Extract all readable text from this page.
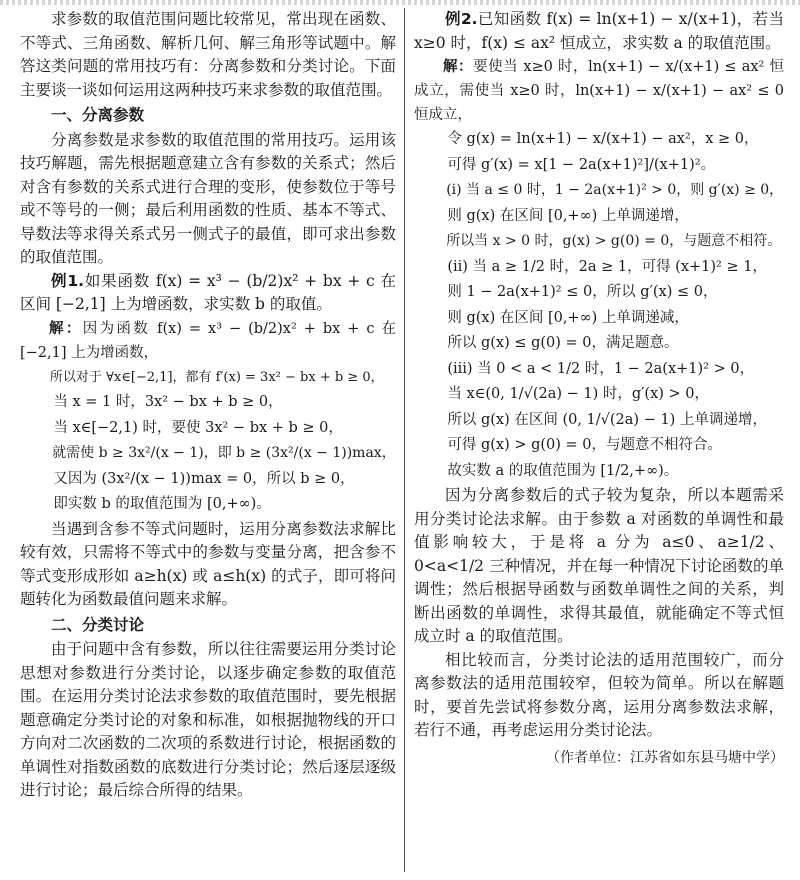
求参数的取值范围问题比较常见，常出现在函数、不等式、三角函数、解析几何、解三角形等试题中。解答这类问题的常用技巧有：分离参数和分类讨论。下面主要谈一谈如何运用这两种技巧来求参数的取值范围。

一、分离参数

分离参数是求参数的取值范围的常用技巧。运用该技巧解题，需先根据题意建立含有参数的关系式；然后对含有参数的关系式进行合理的变形，使参数位于等号或不等号的一侧；最后利用函数的性质、基本不等式、导数法等求得关系式另一侧式子的最值，即可求出参数的取值范围。

例1.如果函数 f(x) = x³ − (b/2)x² + bx + c 在区间 [−2,1] 上为增函数，求实数 b 的取值。

解：因为函数 f(x) = x³ − (b/2)x² + bx + c 在 [−2,1] 上为增函数，

所以对于 ∀x∈[−2,1]，都有 f′(x) = 3x² − bx + b ≥ 0，
当 x = 1 时，3x² − bx + b ≥ 0，
当 x∈[−2,1) 时，要使 3x² − bx + b ≥ 0，
就需使 b ≥ 3x²/(x − 1)，即 b ≥ (3x²/(x − 1))max，
又因为 (3x²/(x − 1))max = 0，所以 b ≥ 0，
即实数 b 的取值范围为 [0,+∞)。

当遇到含参不等式问题时，运用分离参数法求解比较有效，只需将不等式中的参数与变量分离，把含参不等式变形成形如 a≥h(x) 或 a≤h(x) 的式子，即可将问题转化为函数最值问题来求解。

二、分类讨论

由于问题中含有参数，所以往往需要运用分类讨论思想对参数进行分类讨论，以逐步确定参数的取值范围。在运用分类讨论法求参数的取值范围时，要先根据题意确定分类讨论的对象和标准，如根据抛物线的开口方向对二次函数的二次项的系数进行讨论，根据函数的单调性对指数函数的底数进行分类讨论；然后逐层逐级进行讨论；最后综合所得的结果。

例2.已知函数 f(x) = ln(x+1) − x/(x+1)，若当 x≥0 时，f(x) ≤ ax² 恒成立，求实数 a 的取值范围。

解：要使当 x≥0 时，ln(x+1) − x/(x+1) ≤ ax² 恒成立，需使当 x≥0 时，ln(x+1) − x/(x+1) − ax² ≤ 0 恒成立，

令 g(x) = ln(x+1) − x/(x+1) − ax²，x ≥ 0，
可得 g′(x) = x[1 − 2a(x+1)²]/(x+1)²。
(ⅰ) 当 a ≤ 0 时，1 − 2a(x+1)² > 0，则 g′(x) ≥ 0，
则 g(x) 在区间 [0,+∞) 上单调递增，
所以当 x > 0 时，g(x) > g(0) = 0，与题意不相符。
(ⅱ) 当 a ≥ 1/2 时，2a ≥ 1，可得 (x+1)² ≥ 1，
则 1 − 2a(x+1)² ≤ 0，所以 g′(x) ≤ 0，
则 g(x) 在区间 [0,+∞) 上单调递减，
所以 g(x) ≤ g(0) = 0，满足题意。
(ⅲ) 当 0 < a < 1/2 时，1 − 2a(x+1)² > 0，
当 x∈(0, 1/√(2a) − 1) 时，g′(x) > 0，
所以 g(x) 在区间 (0, 1/√(2a) − 1) 上单调递增，
可得 g(x) > g(0) = 0，与题意不相符合。
故实数 a 的取值范围为 [1/2,+∞)。

因为分离参数后的式子较为复杂，所以本题需采用分类讨论法求解。由于参数 a 对函数的单调性和最值影响较大，于是将 a 分为 a≤0、a≥1/2、0<a<1/2 三种情况，并在每一种情况下讨论函数的单调性；然后根据导函数与函数单调性之间的关系，判断出函数的单调性，求得其最值，就能确定不等式恒成立时 a 的取值范围。

相比较而言，分类讨论法的适用范围较广，而分离参数法的适用范围较窄，但较为简单。所以在解题时，要首先尝试将参数分离，运用分离参数法求解，若行不通，再考虑运用分类讨论法。

（作者单位：江苏省如东县马塘中学）
